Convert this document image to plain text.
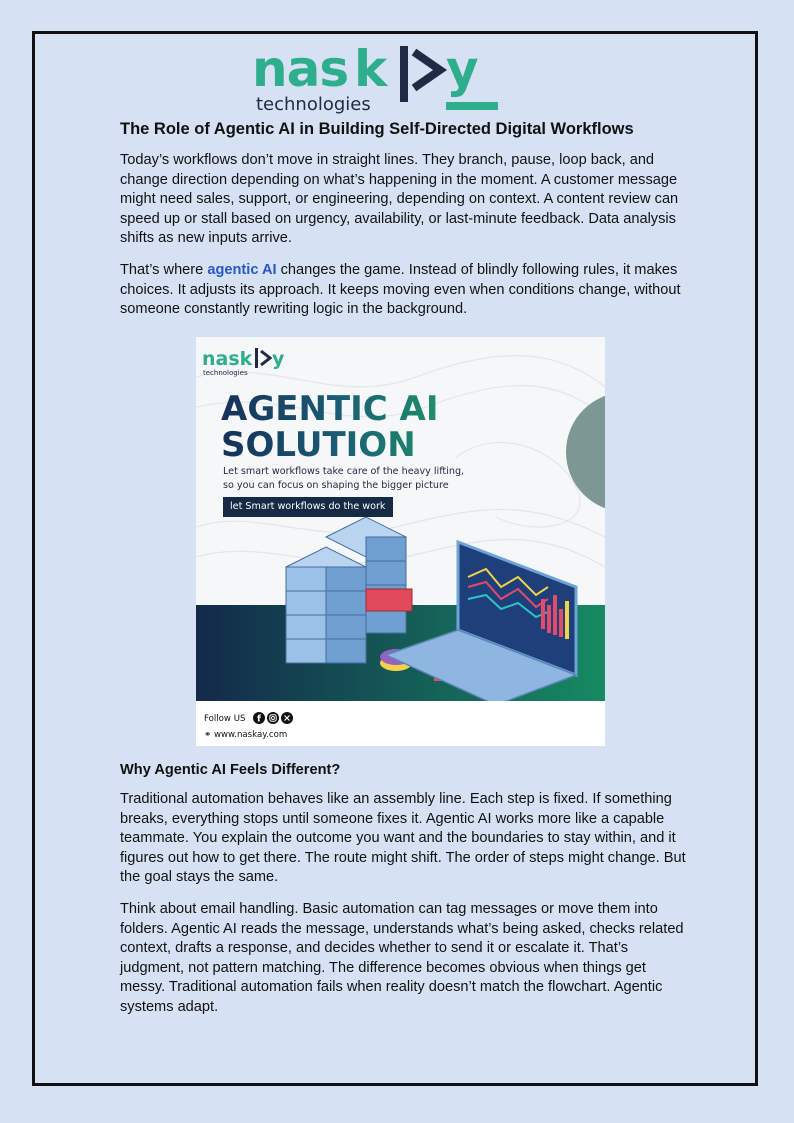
nas k y
technologies
The Role of Agentic AI in Building Self-Directed Digital Workflows

Today’s workflows don’t move in straight lines. They branch, pause, loop back, and change direction depending on what’s happening in the moment. A customer message might need sales, support, or engineering, depending on context. A content review can speed up or stall based on urgency, availability, or last-minute feedback. Data analysis shifts as new inputs arrive.

That’s where agentic AI changes the game. Instead of blindly following rules, it makes choices. It adjusts its approach. It keeps moving even when conditions change, without someone constantly rewriting logic in the background.

nask y
technologies
AGENTIC AI
SOLUTION
Let smart workflows take care of the heavy lifting,
so you can focus on shaping the bigger picture
let Smart workflows do the work
Follow US f
⚭ www.naskay.com
Why Agentic AI Feels Different?

Traditional automation behaves like an assembly line. Each step is fixed. If something breaks, everything stops until someone fixes it. Agentic AI works more like a capable teammate. You explain the outcome you want and the boundaries to stay within, and it figures out how to get there. The route might shift. The order of steps might change. But the goal stays the same.

Think about email handling. Basic automation can tag messages or move them into folders. Agentic AI reads the message, understands what’s being asked, checks related context, drafts a response, and decides whether to send it or escalate it. That’s judgment, not pattern matching. The difference becomes obvious when things get messy. Traditional automation fails when reality doesn’t match the flowchart. Agentic systems adapt.
